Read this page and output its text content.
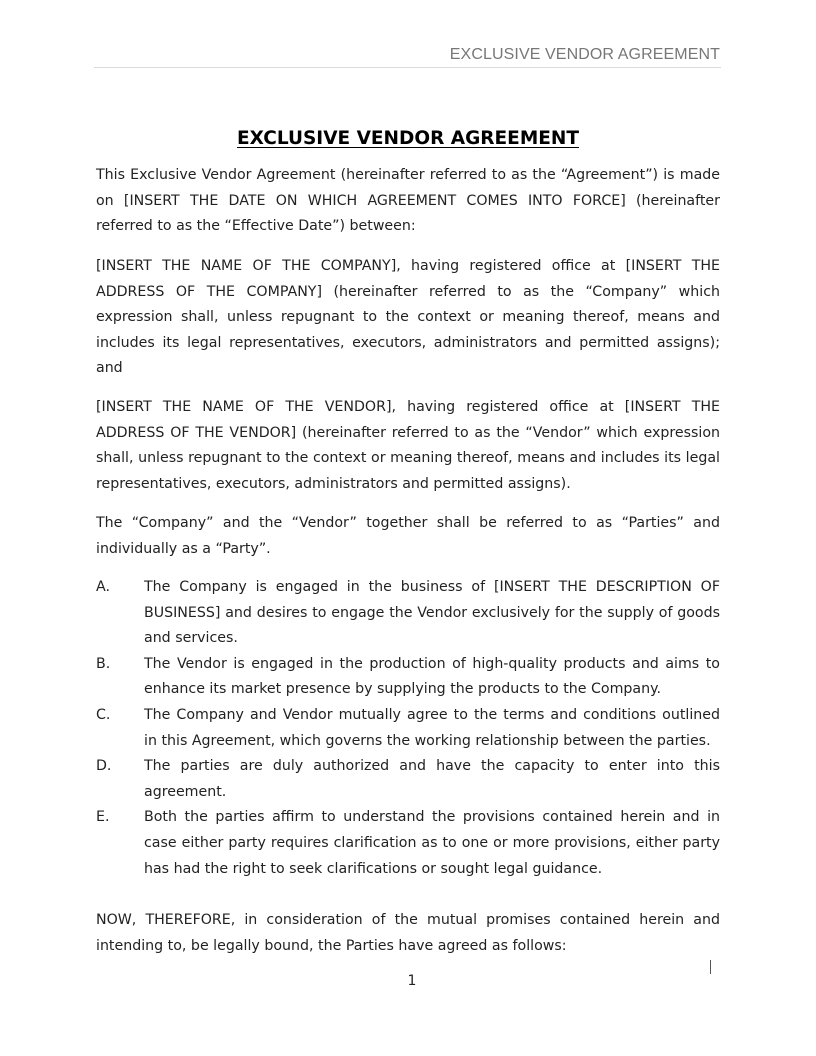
EXCLUSIVE VENDOR AGREEMENT
EXCLUSIVE VENDOR AGREEMENT

This Exclusive Vendor Agreement (hereinafter referred to as the “Agreement”) is made on [INSERT THE DATE ON WHICH AGREEMENT COMES INTO FORCE] (hereinafter referred to as the “Effective Date”) between:

[INSERT THE NAME OF THE COMPANY], having registered office at [INSERT THE ADDRESS OF THE COMPANY] (hereinafter referred to as the “Company” which expression shall, unless repugnant to the context or meaning thereof, means and includes its legal representatives, executors, administrators and permitted assigns); and

[INSERT THE NAME OF THE VENDOR], having registered office at [INSERT THE ADDRESS OF THE VENDOR] (hereinafter referred to as the “Vendor” which expression shall, unless repugnant to the context or meaning thereof, means and includes its legal representatives, executors, administrators and permitted assigns).

The “Company” and the “Vendor” together shall be referred to as “Parties” and individually as a “Party”.

A. The Company is engaged in the business of [INSERT THE DESCRIPTION OF BUSINESS] and desires to engage the Vendor exclusively for the supply of goods and services.
B. The Vendor is engaged in the production of high-quality products and aims to enhance its market presence by supplying the products to the Company.
C. The Company and Vendor mutually agree to the terms and conditions outlined in this Agreement, which governs the working relationship between the parties.
D. The parties are duly authorized and have the capacity to enter into this agreement.
E. Both the parties affirm to understand the provisions contained herein and in case either party requires clarification as to one or more provisions, either party has had the right to seek clarifications or sought legal guidance.

NOW, THEREFORE, in consideration of the mutual promises contained herein and intending to, be legally bound, the Parties have agreed as follows:

1
